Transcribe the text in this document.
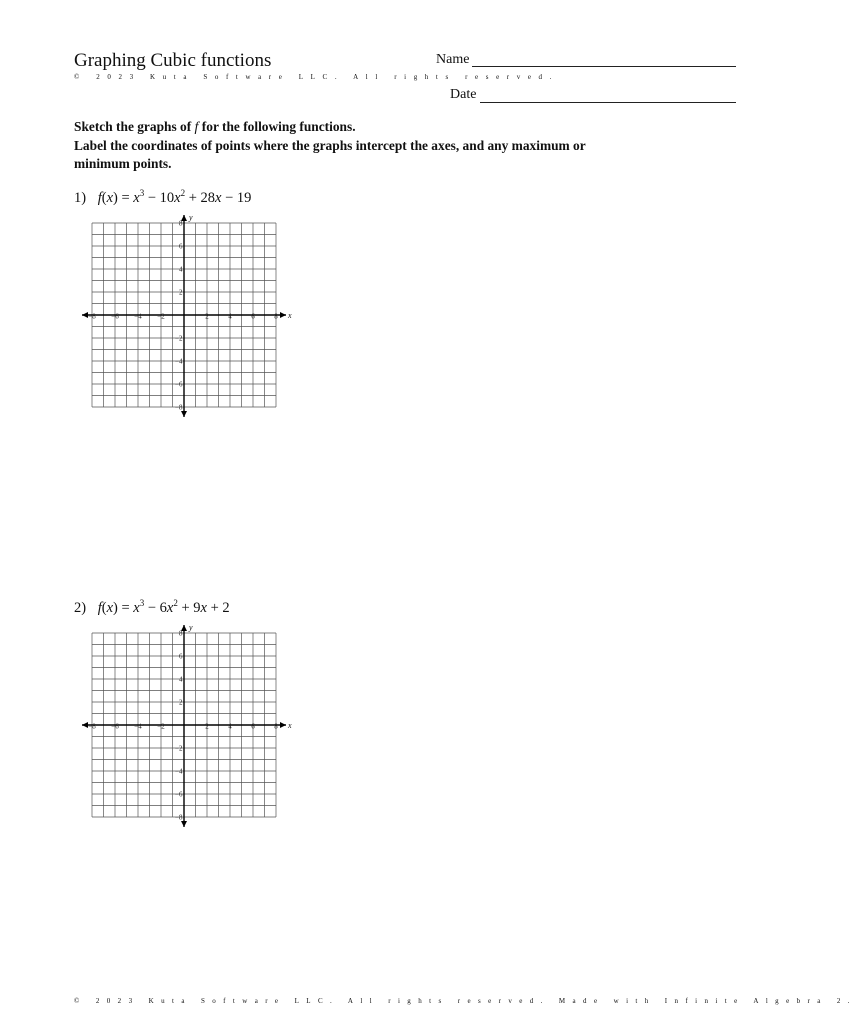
Graphing Cubic functions
© 2023 Kuta Software LLC. All rights reserved.
Name
Date
Sketch the graphs of f for the following functions.
Label the coordinates of points where the graphs intercept the axes, and any maximum or
minimum points.
1) $f(x) = x^3 - 10x^2 + 28x - 19$
−8 −6 −4 −2	2	4	6	8
8
6
4
2
−2
−4
−6
−8
x
y
2) $f(x) = x^3 - 6x^2 + 9x + 2$
−8 −6 −4 −2	2	4	6	8
8
6
4
2
−2
−4
−6
−8
x
y
© 2023 Kuta Software LLC. All rights reserved. Made with Infinite Algebra 2.
